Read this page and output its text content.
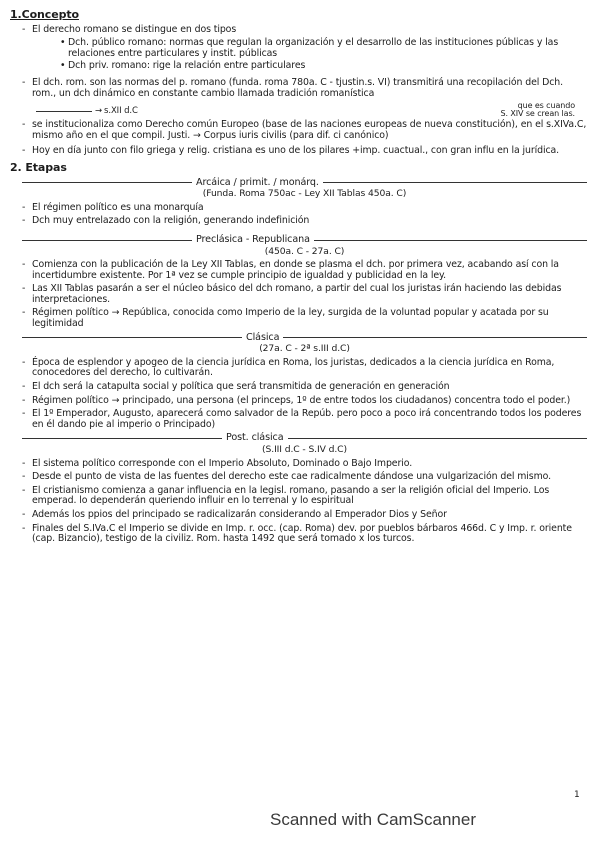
1.Concepto
- El derecho romano se distingue en dos tipos
• Dch. público romano: normas que regulan la organización y el desarrollo de las instituciones públicas y las relaciones entre particulares y instit. públicas
• Dch priv. romano: rige la relación entre particulares
- El dch. rom. son las normas del p. romano (funda. roma 780a. C - tjustin.s. VI) transmitirá una recopilación del Dch. rom., un dch dinámico en constante cambio llamada tradición romanística
→ s.XII d.C
que es cuando
S. XIV se crean las.
- se institucionaliza como Derecho común Europeo (base de las naciones europeas de nueva constitución), en el s.XIVa.C, mismo año en el que compil. Justi. → Corpus iuris civilis (para dif. ci canónico)
- Hoy en día junto con filo griega y relig. cristiana es uno de los pilares +imp. cuactual., con gran influ en la jurídica.
2. Etapas
Arcáica / primit. / monárq.
(Funda. Roma 750ac - Ley XII Tablas 450a. C)
- El régimen político es una monarquía
- Dch muy entrelazado con la religión, generando indefinición
Preclásica - Republicana
(450a. C - 27a. C)
- Comienza con la publicación de la Ley XII Tablas, en donde se plasma el dch. por primera vez, acabando así con la incertidumbre existente. Por 1ª vez se cumple principio de igualdad y publicidad en la ley.
- Las XII Tablas pasarán a ser el núcleo básico del dch romano, a partir del cual los juristas irán haciendo las debidas interpretaciones.
- Régimen político → República, conocida como Imperio de la ley, surgida de la voluntad popular y acatada por su legitimidad
Clásica
(27a. C - 2ª s.III d.C)
- Época de esplendor y apogeo de la ciencia jurídica en Roma, los juristas, dedicados a la ciencia jurídica en Roma, conocedores del derecho, lo cultivarán.
- El dch será la catapulta social y política que será transmitida de generación en generación
- Régimen político → principado, una persona (el princeps, 1º de entre todos los ciudadanos) concentra todo el poder.)
- El 1º Emperador, Augusto, aparecerá como salvador de la Repúb. pero poco a poco irá concentrando todos los poderes en él dando pie al imperio o Principado)
Post. clásica
(S.III d.C - S.IV d.C)
- El sistema político corresponde con el Imperio Absoluto, Dominado o Bajo Imperio.
- Desde el punto de vista de las fuentes del derecho este cae radicalmente dándose una vulgarización del mismo.
- El cristianismo comienza a ganar influencia en la legisl. romano, pasando a ser la religión oficial del Imperio. Los emperad. lo dependerán queriendo influir en lo terrenal y lo espiritual
- Además los ppios del principado se radicalizarán considerando al Emperador Dios y Señor
- Finales del S.IVa.C el Imperio se divide en Imp. r. occ. (cap. Roma) dev. por pueblos bárbaros 466d. C y Imp. r. oriente (cap. Bizancio), testigo de la civiliz. Rom. hasta 1492 que será tomado x los turcos.
1
Scanned with CamScanner
